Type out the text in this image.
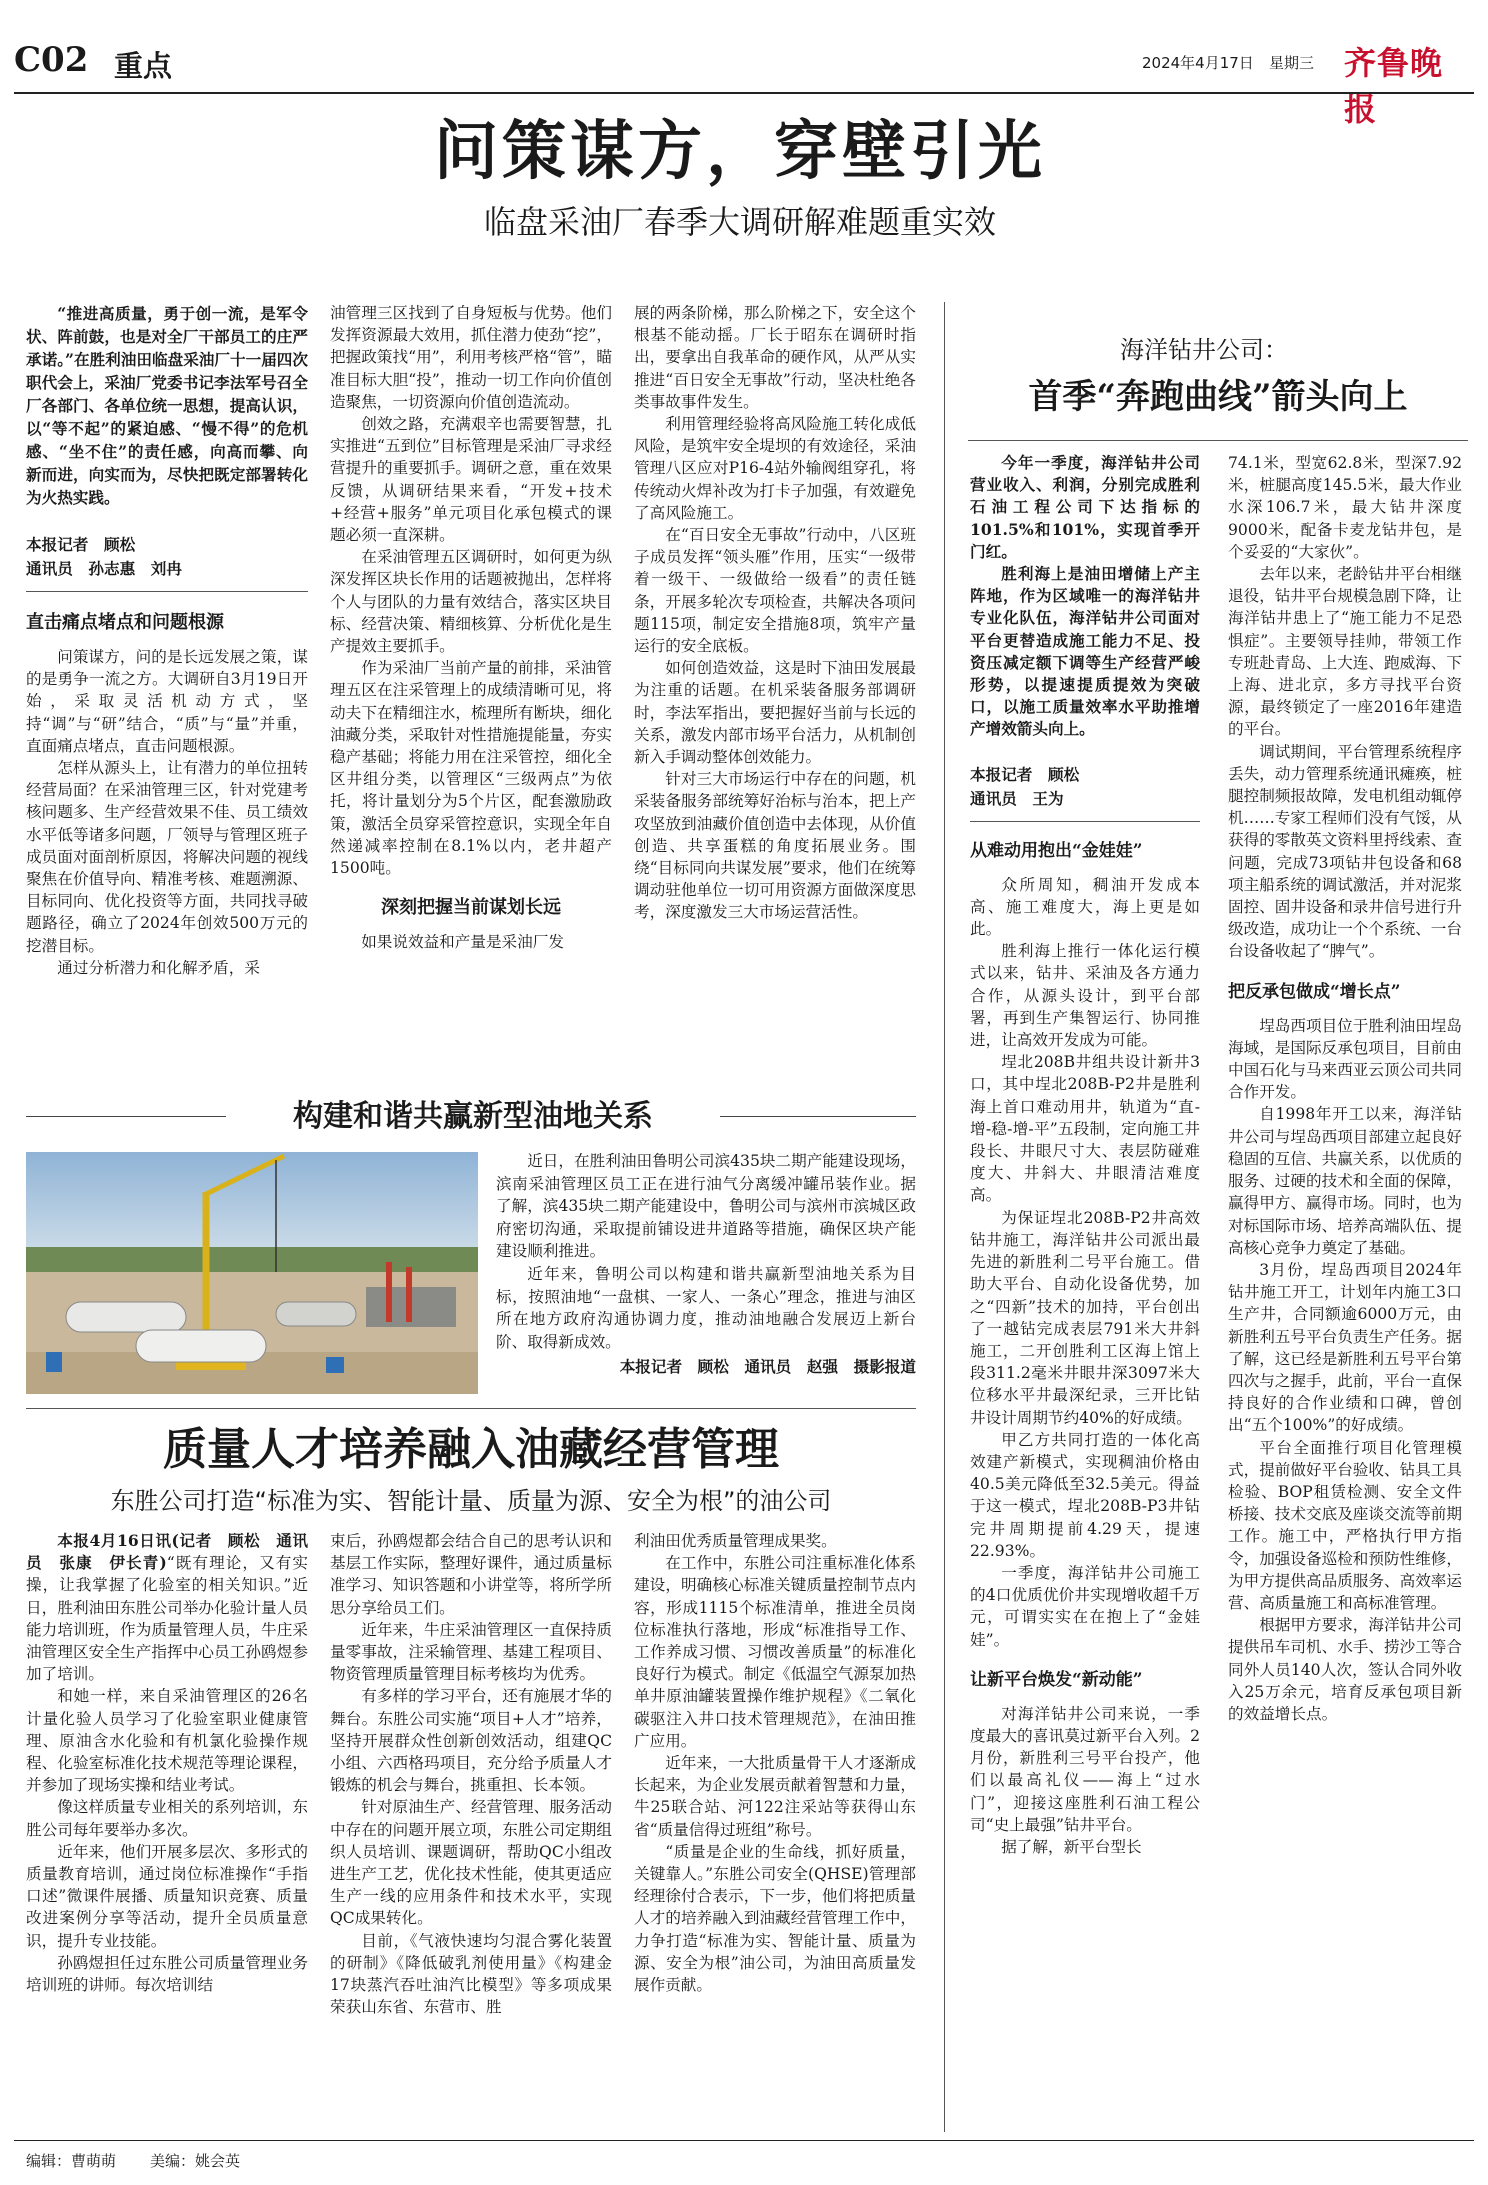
C02 重点	2024年4月17日 星期三 齐鲁晚报
问策谋方，穿壁引光
临盘采油厂春季大调研解难题重实效

“推进高质量，勇于创一流，是军令状、阵前鼓，也是对全厂干部员工的庄严承诺。”在胜利油田临盘采油厂十一届四次职代会上，采油厂党委书记李法军号召全厂各部门、各单位统一思想，提高认识，以“等不起”的紧迫感、“慢不得”的危机感、“坐不住”的责任感，向高而攀、向新而进，向实而为，尽快把既定部署转化为火热实践。

本报记者　顾松
通讯员　孙志惠　刘冉
直击痛点堵点和问题根源

问策谋方，问的是长远发展之策，谋的是勇争一流之方。大调研自3月19日开始，采取灵活机动方式，坚持“调”与“研”结合，“质”与“量”并重，直面痛点堵点，直击问题根源。

怎样从源头上，让有潜力的单位扭转经营局面？在采油管理三区，针对党建考核问题多、生产经营效果不佳、员工绩效水平低等诸多问题，厂领导与管理区班子成员面对面剖析原因，将解决问题的视线聚焦在价值导向、精准考核、难题溯源、目标同向、优化投资等方面，共同找寻破题路径，确立了2024年创效500万元的挖潜目标。

通过分析潜力和化解矛盾，采

油管理三区找到了自身短板与优势。他们发挥资源最大效用，抓住潜力使劲“挖”，把握政策找“用”，利用考核严格“管”，瞄准目标大胆“投”，推动一切工作向价值创造聚焦，一切资源向价值创造流动。

创效之路，充满艰辛也需要智慧，扎实推进“五到位”目标管理是采油厂寻求经营提升的重要抓手。调研之意，重在效果反馈，从调研结果来看，“开发+技术+经营+服务”单元项目化承包模式的课题必须一直深耕。

在采油管理五区调研时，如何更为纵深发挥区块长作用的话题被抛出，怎样将个人与团队的力量有效结合，落实区块目标、经营决策、精细核算、分析优化是生产提效主要抓手。

作为采油厂当前产量的前排，采油管理五区在注采管理上的成绩清晰可见，将动夫下在精细注水，梳理所有断块，细化油藏分类，采取针对性措施提能量，夯实稳产基础；将能力用在注采管控，细化全区井组分类，以管理区“三级两点”为依托，将计量划分为5个片区，配套激励政策，激活全员穿采管控意识，实现全年自然递减率控制在8.1%以内，老井超产1500吨。

深刻把握当前谋划长远

如果说效益和产量是采油厂发

展的两条阶梯，那么阶梯之下，安全这个根基不能动摇。厂长于昭东在调研时指出，要拿出自我革命的硬作风，从严从实推进“百日安全无事故”行动，坚决杜绝各类事故事件发生。

利用管理经验将高风险施工转化成低风险，是筑牢安全堤坝的有效途径，采油管理八区应对P16-4站外输阀组穿孔，将传统动火焊补改为打卡子加强，有效避免了高风险施工。

在“百日安全无事故”行动中，八区班子成员发挥“领头雁”作用，压实“一级带着一级干、一级做给一级看”的责任链条，开展多轮次专项检查，共解决各项问题115项，制定安全措施8项，筑牢产量运行的安全底板。

如何创造效益，这是时下油田发展最为注重的话题。在机采装备服务部调研时，李法军指出，要把握好当前与长远的关系，激发内部市场平台活力，从机制创新入手调动整体创效能力。

针对三大市场运行中存在的问题，机采装备服务部统筹好治标与治本，把上产攻坚放到油藏价值创造中去体现，从价值创造、共享蛋糕的角度拓展业务。围绕“目标同向共谋发展”要求，他们在统筹调动驻他单位一切可用资源方面做深度思考，深度激发三大市场运营活性。

海洋钻井公司：
首季“奔跑曲线”箭头向上

今年一季度，海洋钻井公司营业收入、利润，分别完成胜利石油工程公司下达指标的101.5%和101%，实现首季开门红。

胜利海上是油田增储上产主阵地，作为区域唯一的海洋钻井专业化队伍，海洋钻井公司面对平台更替造成施工能力不足、投资压减定额下调等生产经营严峻形势，以提速提质提效为突破口，以施工质量效率水平助推增产增效箭头向上。

本报记者　顾松
通讯员　王为
从难动用抱出“金娃娃”

众所周知，稠油开发成本高、施工难度大，海上更是如此。

胜利海上推行一体化运行模式以来，钻井、采油及各方通力合作，从源头设计，到平台部署，再到生产集智运行、协同推进，让高效开发成为可能。

埕北208B井组共设计新井3口，其中埕北208B-P2井是胜利海上首口难动用井，轨道为“直-增-稳-增-平”五段制，定向施工井段长、井眼尺寸大、表层防碰难度大、井斜大、井眼清洁难度高。

为保证埕北208B-P2井高效钻井施工，海洋钻井公司派出最先进的新胜利二号平台施工。借助大平台、自动化设备优势，加之“四新”技术的加持，平台创出了一越钻完成表层791米大井斜施工，二开创胜利工区海上馆上段311.2毫米井眼井深3097米大位移水平井最深纪录，三开比钻井设计周期节约40%的好成绩。

甲乙方共同打造的一体化高效建产新模式，实现稠油价格由40.5美元降低至32.5美元。得益于这一模式，埕北208B-P3井钻完井周期提前4.29天，提速22.93%。

一季度，海洋钻井公司施工的4口优质优价井实现增收超千万元，可谓实实在在抱上了“金娃娃”。

让新平台焕发“新动能”

对海洋钻井公司来说，一季度最大的喜讯莫过新平台入列。2月份，新胜利三号平台投产，他们以最高礼仪——海上“过水门”，迎接这座胜利石油工程公司“史上最强”钻井平台。

据了解，新平台型长

74.1米，型宽62.8米，型深7.92米，桩腿高度145.5米，最大作业水深106.7米，最大钻井深度9000米，配备卡麦龙钻井包，是个妥妥的“大家伙”。

去年以来，老龄钻井平台相继退役，钻井平台规模急剧下降，让海洋钻井患上了“施工能力不足恐惧症”。主要领导挂帅，带领工作专班赴青岛、上大连、跑威海、下上海、进北京，多方寻找平台资源，最终锁定了一座2016年建造的平台。

调试期间，平台管理系统程序丢失，动力管理系统通讯瘫痪，桩腿控制频报故障，发电机组动辄停机……专家工程师们没有气馁，从获得的零散英文资料里捋线索、查问题，完成73项钻井包设备和68项主船系统的调试激活，并对泥浆固控、固井设备和录井信号进行升级改造，成功让一个个系统、一台台设备收起了“脾气”。

把反承包做成“增长点”

埕岛西项目位于胜利油田埕岛海域，是国际反承包项目，目前由中国石化与马来西亚云顶公司共同合作开发。

自1998年开工以来，海洋钻井公司与埕岛西项目部建立起良好稳固的互信、共赢关系，以优质的服务、过硬的技术和全面的保障，赢得甲方、赢得市场。同时，也为对标国际市场、培养高端队伍、提高核心竞争力奠定了基础。

3月份，埕岛西项目2024年钻井施工开工，计划年内施工3口生产井，合同额逾6000万元，由新胜利五号平台负责生产任务。据了解，这已经是新胜利五号平台第四次与之握手，此前，平台一直保持良好的合作业绩和口碑，曾创出“五个100%”的好成绩。

平台全面推行项目化管理模式，提前做好平台验收、钻具工具检验、BOP租赁检测、安全文件桥接、技术交底及座谈交流等前期工作。施工中，严格执行甲方指令，加强设备巡检和预防性维修，为甲方提供高品质服务、高效率运营、高质量施工和高标准管理。

根据甲方要求，海洋钻井公司提供吊车司机、水手、捞沙工等合同外人员140人次，签认合同外收入25万余元，培育反承包项目新的效益增长点。

构建和谐共赢新型油地关系

近日，在胜利油田鲁明公司滨435块二期产能建设现场，滨南采油管理区员工正在进行油气分离缓冲罐吊装作业。据了解，滨435块二期产能建设中，鲁明公司与滨州市滨城区政府密切沟通，采取提前铺设进井道路等措施，确保区块产能建设顺利推进。

近年来，鲁明公司以构建和谐共赢新型油地关系为目标，按照油地“一盘棋、一家人、一条心”理念，推进与油区所在地方政府沟通协调力度，推动油地融合发展迈上新台阶、取得新成效。

本报记者　顾松　通讯员　赵强　摄影报道
质量人才培养融入油藏经营管理
东胜公司打造“标准为实、智能计量、质量为源、安全为根”的油公司

本报4月16日讯(记者　顾松　通讯员　张康　伊长青)“既有理论，又有实操，让我掌握了化验室的相关知识。”近日，胜利油田东胜公司举办化验计量人员能力培训班，作为质量管理人员，牛庄采油管理区安全生产指挥中心员工孙鸥煜参加了培训。

和她一样，来自采油管理区的26名计量化验人员学习了化验室职业健康管理、原油含水化验和有机氯化验操作规程、化验室标准化技术规范等理论课程，并参加了现场实操和结业考试。

像这样质量专业相关的系列培训，东胜公司每年要举办多次。

近年来，他们开展多层次、多形式的质量教育培训，通过岗位标准操作“手指口述”微课件展播、质量知识竞赛、质量改进案例分享等活动，提升全员质量意识，提升专业技能。

孙鸥煜担任过东胜公司质量管理业务培训班的讲师。每次培训结

束后，孙鸥煜都会结合自己的思考认识和基层工作实际，整理好课件，通过质量标准学习、知识答题和小讲堂等，将所学所思分享给员工们。

近年来，牛庄采油管理区一直保持质量零事故，注采输管理、基建工程项目、物资管理质量管理目标考核均为优秀。

有多样的学习平台，还有施展才华的舞台。东胜公司实施“项目+人才”培养，坚持开展群众性创新创效活动，组建QC小组、六西格玛项目，充分给予质量人才锻炼的机会与舞台，挑重担、长本领。

针对原油生产、经营管理、服务活动中存在的问题开展立项，东胜公司定期组织人员培训、课题调研，帮助QC小组改进生产工艺，优化技术性能，使其更适应生产一线的应用条件和技术水平，实现QC成果转化。

目前，《气液快速均匀混合雾化装置的研制》《降低破乳剂使用量》《构建金17块蒸汽吞吐油汽比模型》等多项成果荣获山东省、东营市、胜

利油田优秀质量管理成果奖。

在工作中，东胜公司注重标准化体系建设，明确核心标准关键质量控制节点内容，形成1115个标准清单，推进全员岗位标准执行落地，形成“标准指导工作、工作养成习惯、习惯改善质量”的标准化良好行为模式。制定《低温空气源泵加热单井原油罐装置操作维护规程》《二氧化碳驱注入井口技术管理规范》，在油田推广应用。

近年来，一大批质量骨干人才逐渐成长起来，为企业发展贡献着智慧和力量，牛25联合站、河122注采站等获得山东省“质量信得过班组”称号。

“质量是企业的生命线，抓好质量，关键靠人。”东胜公司安全(QHSE)管理部经理徐付合表示，下一步，他们将把质量人才的培养融入到油藏经营管理工作中，力争打造“标准为实、智能计量、质量为源、安全为根”油公司，为油田高质量发展作贡献。

编辑：曹萌萌 美编：姚会英
